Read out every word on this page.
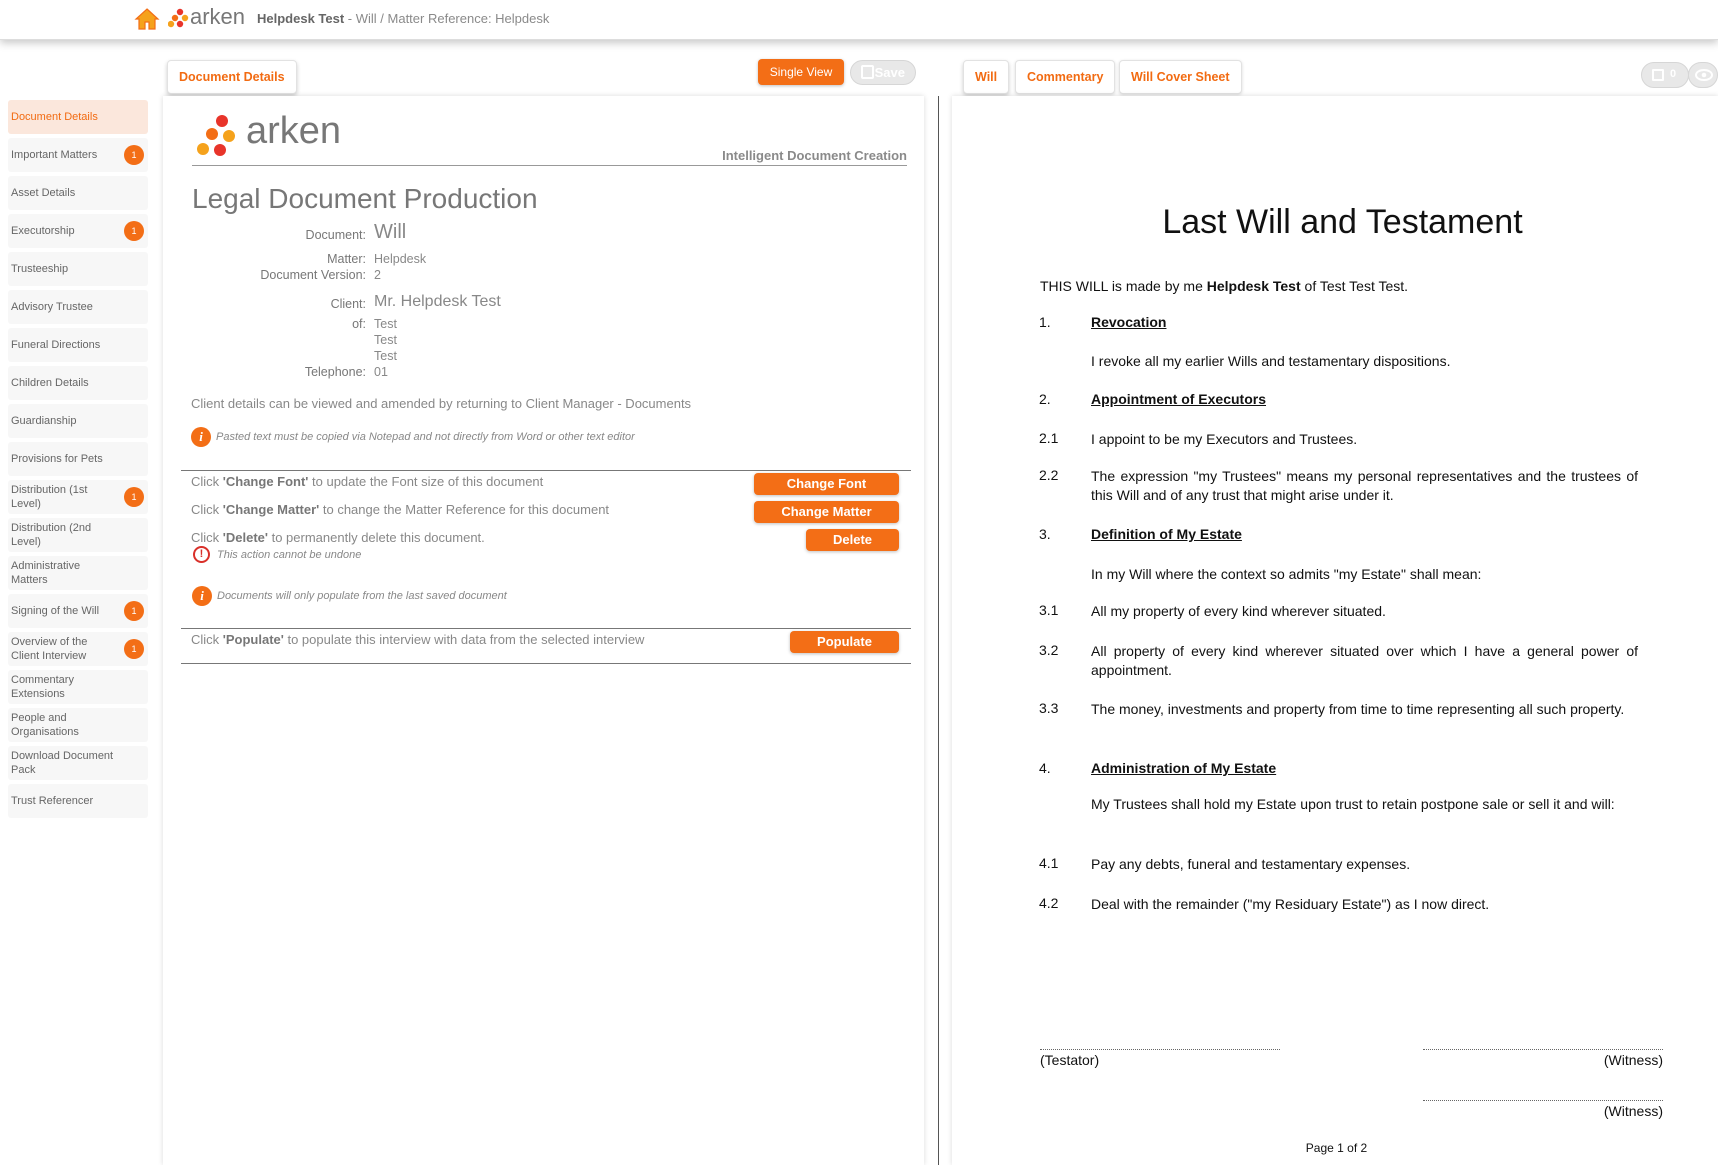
arken Helpdesk Test - Will / Matter Reference: Helpdesk
Document Details	Single View	Save	Will	Commentary	Will Cover Sheet	0
Document Details
Important Matters	1
Asset Details
Executorship	1
Trusteeship
Advisory Trustee
Funeral Directions
Children Details
Guardianship
Provisions for Pets
Distribution (1st Level)
1
Distribution (2nd Level)
Administrative Matters
Signing of the Will	1
Overview of the Client Interview
1
Commentary Extensions
People and Organisations
Download Document Pack
Trust Referencer
arken
Intelligent Document Creation
Legal Document Production
Document: Will
Matter: Helpdesk
Document Version: 2
Client: Mr. Helpdesk Test
of: Test
Test
Test
Telephone: 01
Client details can be viewed and amended by returning to Client Manager - Documents
i	Pasted text must be copied via Notepad and not directly from Word or other text editor
Click 'Change Font' to update the Font size of this document	Change Font
Click 'Change Matter' to change the Matter Reference for this document	Change Matter
Click 'Delete' to permanently delete this document.	Delete
!	This action cannot be undone
i	Documents will only populate from the last saved document
Click 'Populate' to populate this interview with data from the selected interview	Populate
Last Will and Testament
THIS WILL is made by me Helpdesk Test of Test Test Test.
1.	Revocation
I revoke all my earlier Wills and testamentary dispositions.
2.	Appointment of Executors
2.1 I appoint to be my Executors and Trustees.
2.2 The expression "my Trustees" means my personal representatives and the trustees of this Will and of any trust that might arise under it.
3.	Definition of My Estate
In my Will where the context so admits "my Estate" shall mean:
3.1 All my property of every kind wherever situated.
3.2 All property of every kind wherever situated over which I have a general power of appointment.
3.3 The money, investments and property from time to time representing all such property.
4.	Administration of My Estate
My Trustees shall hold my Estate upon trust to retain postpone sale or sell it and will:
4.1 Pay any debts, funeral and testamentary expenses.
4.2 Deal with the remainder ("my Residuary Estate") as I now direct.
(Testator)	(Witness)
(Witness)
Page 1 of 2
